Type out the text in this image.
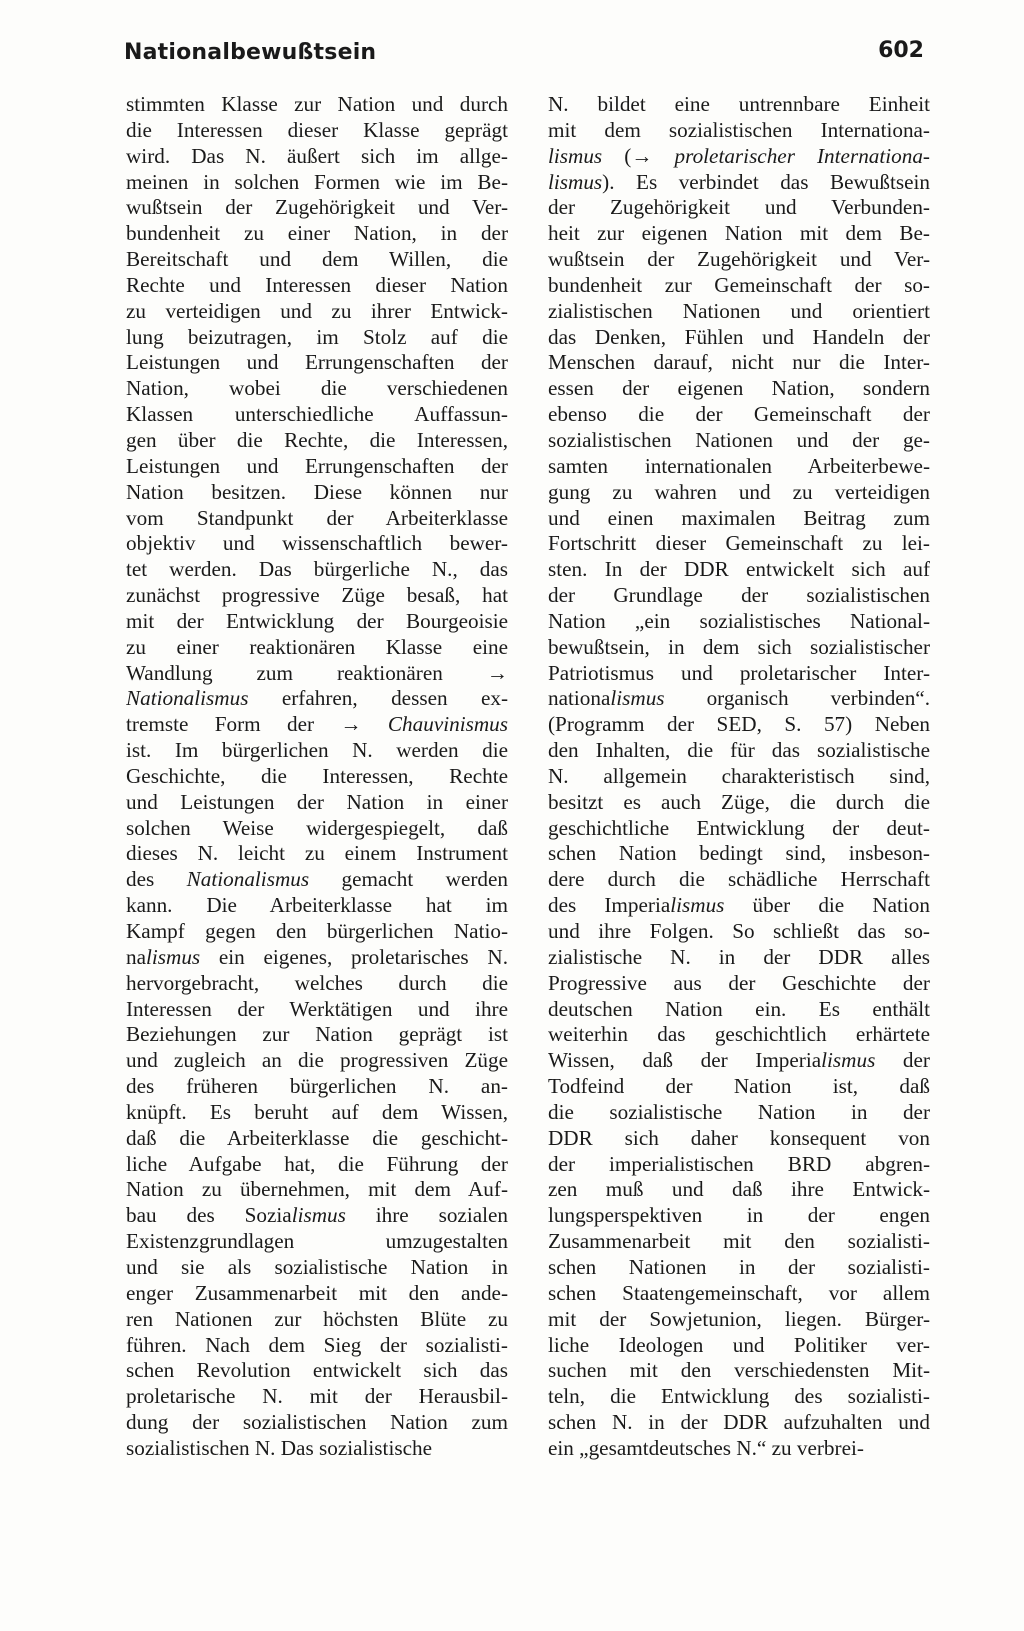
Nationalbewußtsein	602
stimmten Klasse zur Nation und durch
die Interessen dieser Klasse geprägt
wird. Das N. äußert sich im allge-
meinen in solchen Formen wie im Be-
wußtsein der Zugehörigkeit und Ver-
bundenheit zu einer Nation, in der
Bereitschaft und dem Willen, die
Rechte und Interessen dieser Nation
zu verteidigen und zu ihrer Entwick-
lung beizutragen, im Stolz auf die
Leistungen und Errungenschaften der
Nation, wobei die verschiedenen
Klassen unterschiedliche Auffassun-
gen über die Rechte, die Interessen,
Leistungen und Errungenschaften der
Nation besitzen. Diese können nur
vom Standpunkt der Arbeiterklasse
objektiv und wissenschaftlich bewer-
tet werden. Das bürgerliche N., das
zunächst progressive Züge besaß, hat
mit der Entwicklung der Bourgeoisie
zu einer reaktionären Klasse eine
Wandlung zum reaktionären →
Nationalismus erfahren, dessen ex-
tremste Form der → Chauvinismus
ist. Im bürgerlichen N. werden die
Geschichte, die Interessen, Rechte
und Leistungen der Nation in einer
solchen Weise widergespiegelt, daß
dieses N. leicht zu einem Instrument
des Nationalismus gemacht werden
kann. Die Arbeiterklasse hat im
Kampf gegen den bürgerlichen Natio-
nalismus ein eigenes, proletarisches N.
hervorgebracht, welches durch die
Interessen der Werktätigen und ihre
Beziehungen zur Nation geprägt ist
und zugleich an die progressiven Züge
des früheren bürgerlichen N. an-
knüpft. Es beruht auf dem Wissen,
daß die Arbeiterklasse die geschicht-
liche Aufgabe hat, die Führung der
Nation zu übernehmen, mit dem Auf-
bau des Sozialismus ihre sozialen
Existenzgrundlagen umzugestalten
und sie als sozialistische Nation in
enger Zusammenarbeit mit den ande-
ren Nationen zur höchsten Blüte zu
führen. Nach dem Sieg der sozialisti-
schen Revolution entwickelt sich das
proletarische N. mit der Herausbil-
dung der sozialistischen Nation zum
sozialistischen N. Das sozialistische
N. bildet eine untrennbare Einheit
mit dem sozialistischen Internationa-
lismus (→ proletarischer Internationa-
lismus). Es verbindet das Bewußtsein
der Zugehörigkeit und Verbunden-
heit zur eigenen Nation mit dem Be-
wußtsein der Zugehörigkeit und Ver-
bundenheit zur Gemeinschaft der so-
zialistischen Nationen und orientiert
das Denken, Fühlen und Handeln der
Menschen darauf, nicht nur die Inter-
essen der eigenen Nation, sondern
ebenso die der Gemeinschaft der
sozialistischen Nationen und der ge-
samten internationalen Arbeiterbewe-
gung zu wahren und zu verteidigen
und einen maximalen Beitrag zum
Fortschritt dieser Gemeinschaft zu lei-
sten. In der DDR entwickelt sich auf
der Grundlage der sozialistischen
Nation „ein sozialistisches National-
bewußtsein, in dem sich sozialistischer
Patriotismus und proletarischer Inter-
nationalismus organisch verbinden“.
(Programm der SED, S. 57) Neben
den Inhalten, die für das sozialistische
N. allgemein charakteristisch sind,
besitzt es auch Züge, die durch die
geschichtliche Entwicklung der deut-
schen Nation bedingt sind, insbeson-
dere durch die schädliche Herrschaft
des Imperialismus über die Nation
und ihre Folgen. So schließt das so-
zialistische N. in der DDR alles
Progressive aus der Geschichte der
deutschen Nation ein. Es enthält
weiterhin das geschichtlich erhärtete
Wissen, daß der Imperialismus der
Todfeind der Nation ist, daß
die sozialistische Nation in der
DDR sich daher konsequent von
der imperialistischen BRD abgren-
zen muß und daß ihre Entwick-
lungsperspektiven in der engen
Zusammenarbeit mit den sozialisti-
schen Nationen in der sozialisti-
schen Staatengemeinschaft, vor allem
mit der Sowjetunion, liegen. Bürger-
liche Ideologen und Politiker ver-
suchen mit den verschiedensten Mit-
teln, die Entwicklung des sozialisti-
schen N. in der DDR aufzuhalten und
ein „gesamtdeutsches N.“ zu verbrei-
